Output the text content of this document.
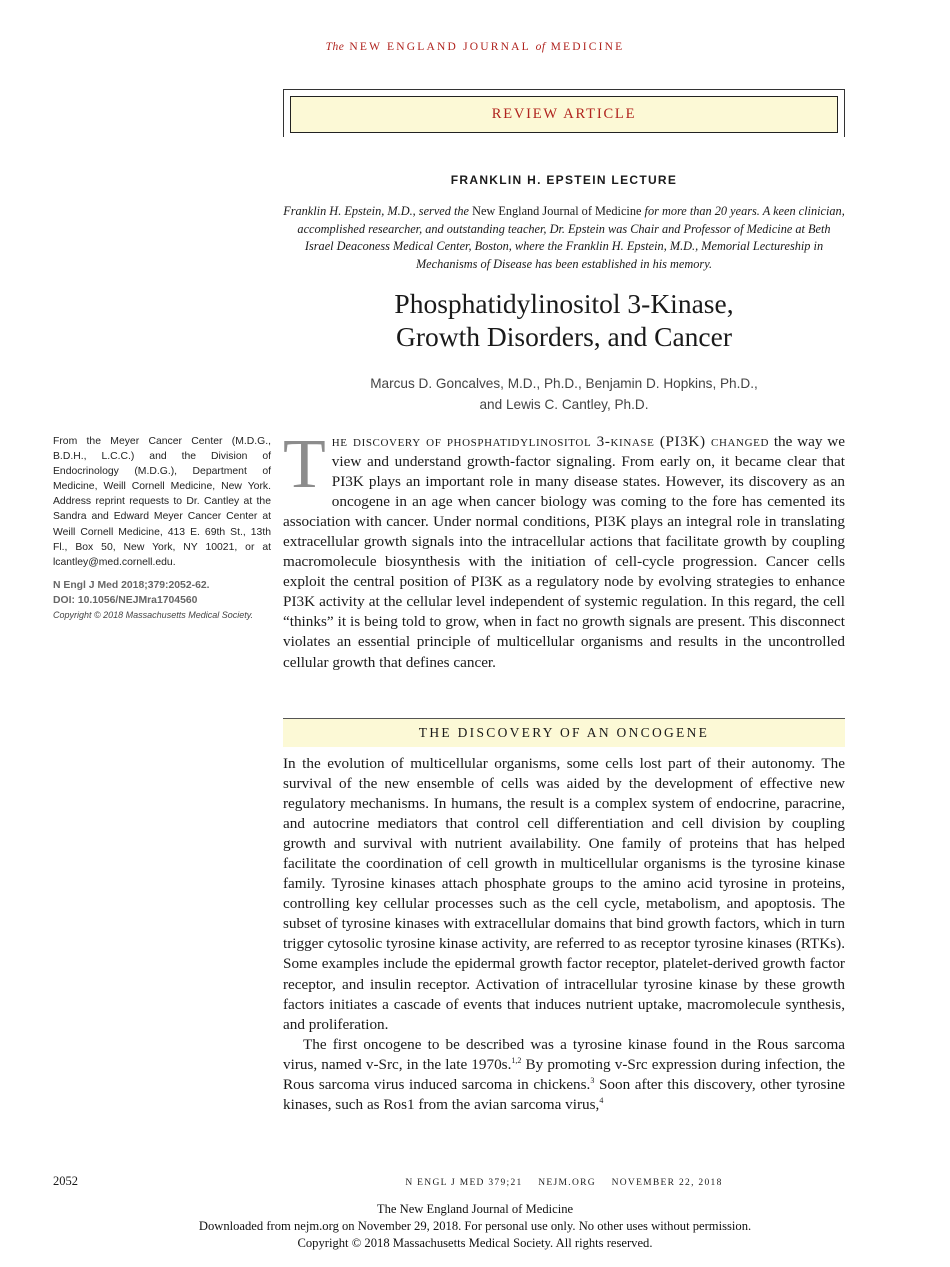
The NEW ENGLAND JOURNAL of MEDICINE
REVIEW ARTICLE
FRANKLIN H. EPSTEIN LECTURE
Franklin H. Epstein, M.D., served the New England Journal of Medicine for more than 20 years. A keen clinician, accomplished researcher, and outstanding teacher, Dr. Epstein was Chair and Professor of Medicine at Beth Israel Deaconess Medical Center, Boston, where the Franklin H. Epstein, M.D., Memorial Lectureship in Mechanisms of Disease has been established in his memory.
Phosphatidylinositol 3-Kinase,
Growth Disorders, and Cancer
Marcus D. Goncalves, M.D., Ph.D., Benjamin D. Hopkins, Ph.D.,
and Lewis C. Cantley, Ph.D.
From the Meyer Cancer Center (M.D.G., B.D.H., L.C.C.) and the Division of Endocrinology (M.D.G.), Department of Medicine, Weill Cornell Medicine, New York. Address reprint requests to Dr. Cantley at the Sandra and Edward Meyer Cancer Center at Weill Cornell Medicine, 413 E. 69th St., 13th Fl., Box 50, New York, NY 10021, or at lcantley@med.cornell.edu.
N Engl J Med 2018;379:2052-62.
DOI: 10.1056/NEJMra1704560
Copyright © 2018 Massachusetts Medical Society.
The discovery of phosphatidylinositol 3-kinase (PI3K) changed the way we view and understand growth-factor signaling. From early on, it became clear that PI3K plays an important role in many disease states. However, its discovery as an oncogene in an age when cancer biology was coming to the fore has cemented its association with cancer. Under normal conditions, PI3K plays an integral role in translating extracellular growth signals into the intracellular actions that facilitate growth by coupling macromolecule biosynthesis with the initiation of cell-cycle progression. Cancer cells exploit the central position of PI3K as a regulatory node by evolving strategies to enhance PI3K activity at the cellular level independent of systemic regulation. In this regard, the cell “thinks” it is being told to grow, when in fact no growth signals are present. This disconnect violates an essential principle of multicellular organisms and results in the uncontrolled cellular growth that defines cancer.
THE DISCOVERY OF AN ONCOGENE

In the evolution of multicellular organisms, some cells lost part of their autonomy. The survival of the new ensemble of cells was aided by the development of effective new regulatory mechanisms. In humans, the result is a complex system of endocrine, paracrine, and autocrine mediators that control cell differentiation and cell division by coupling growth and survival with nutrient availability. One family of proteins that has helped facilitate the coordination of cell growth in multicellular organisms is the tyrosine kinase family. Tyrosine kinases attach phosphate groups to the amino acid tyrosine in proteins, controlling key cellular processes such as the cell cycle, metabolism, and apoptosis. The subset of tyrosine kinases with extracellular domains that bind growth factors, which in turn trigger cytosolic tyrosine kinase activity, are referred to as receptor tyrosine kinases (RTKs). Some examples include the epidermal growth factor receptor, platelet-derived growth factor receptor, and insulin receptor. Activation of intracellular tyrosine kinase by these growth factors initiates a cascade of events that induces nutrient uptake, macromolecule synthesis, and proliferation.

The first oncogene to be described was a tyrosine kinase found in the Rous sarcoma virus, named v-Src, in the late 1970s.$^{1,2}$ By promoting v-Src expression during infection, the Rous sarcoma virus induced sarcoma in chickens.$^3$ Soon after this discovery, other tyrosine kinases, such as Ros1 from the avian sarcoma virus,$^4$

2052	N ENGL J MED 379;21 NEJM.ORG NOVEMBER 22, 2018
The New England Journal of Medicine
Downloaded from nejm.org on November 29, 2018. For personal use only. No other uses without permission.
Copyright © 2018 Massachusetts Medical Society. All rights reserved.
